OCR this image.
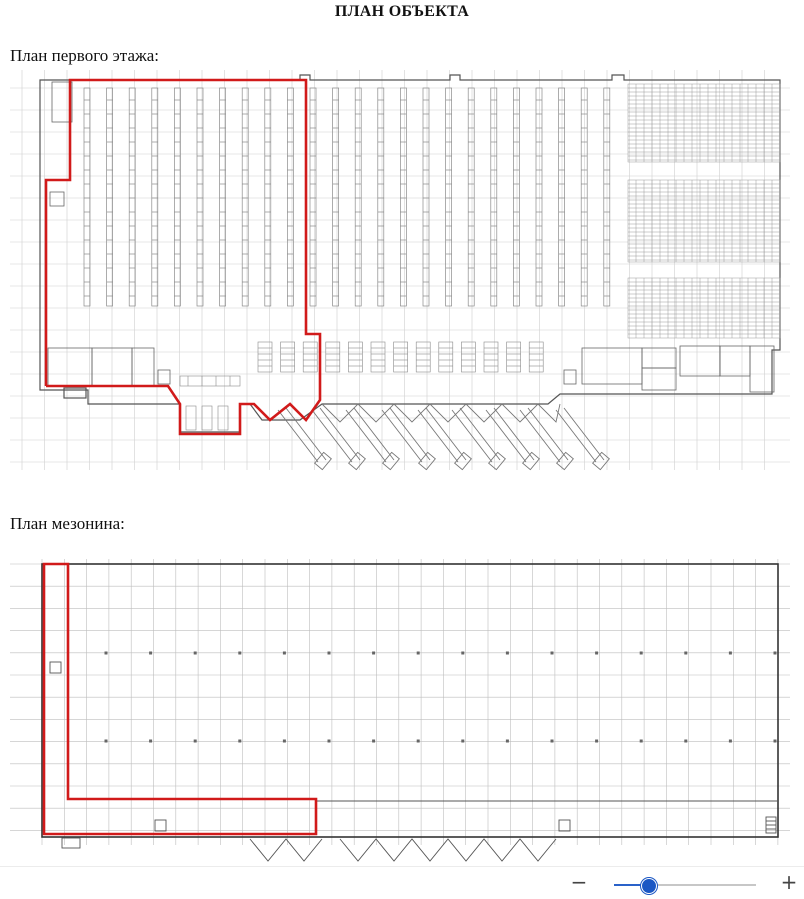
ПЛАН ОБЪЕКТА
План первого этажа:
План мезонина:
−	+
